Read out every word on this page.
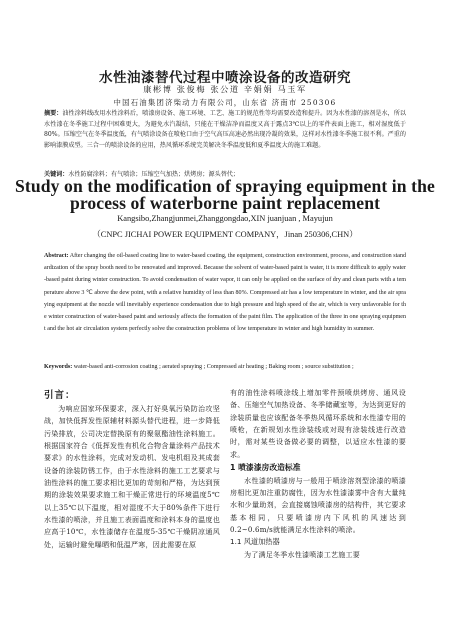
水性油漆替代过程中喷涂设备的改造研究
康彬博 张俊梅 张公道 辛娟娟 马玉军
中国石油集团济柴动力有限公司，山东省 济南市 250306
摘要：油性涂料线改用水性涂料后，喷漆房设备、施工环境、工艺、施工的规范性等均需要改造和提升。因为水性漆的溶剂是水，所以水性漆在冬季施工过程中困难更大，为避免水汽凝结，只能在干燥洁净而温度又高于露点3℃以上的零件表面上施工，相对湿度低于80%。压缩空气在冬季温度低，有气喷涂设备在喷枪口由于空气高压高速必然出现冷凝的效果，这样对水性漆冬季施工很不利。严重的影响漆膜成型。三合一的喷涂设备的应用，热风循环系统完美解决冬季温度低和夏季温度大的施工难题。
关键词：水性防腐涂料；有气喷涂；压缩空气加热；烘烤房；源头替代；
Study on the modification of spraying equipment in the process of waterborne paint replacement
Kangsibo,Zhangjunmei,Zhanggongdao,XIN juanjuan , Mayujun
（CNPC JICHAI POWER EQUIPMENT COMPANY，Jinan 250306,CHN）
Abstract: After changing the oil-based coating line to water-based coating, the equipment, construction environment, process, and construction standardization of the spray booth need to be renovated and improved. Because the solvent of water-based paint is water, it is more difficult to apply water-based paint during winter construction. To avoid condensation of water vapor, it can only be applied on the surface of dry and clean parts with a temperature above 3 ℃ above the dew point, with a relative humidity of less than 80%. Compressed air has a low temperature in winter, and the air spraying equipment at the nozzle will inevitably experience condensation due to high pressure and high speed of the air, which is very unfavorable for the winter construction of water-based paint and seriously affects the formation of the paint film. The application of the three in one spraying equipment and the hot air circulation system perfectly solve the construction problems of low temperature in winter and high humidity in summer.
Keywords: water-based anti-corrosion coating ; aerated spraying ; Compressed air heating ; Baking room ; source substitution ;
引言：
为响应国家环保要求，深入打好臭氧污染防治攻坚战，加快低挥发性原辅材料源头替代进程，进一步降低污染排放，公司决定替换原有的聚氨酯油性涂料施工。根据国家符合《低挥发性有机化合物含量涂料产品技术要求》的水性涂料，完成对发动机、发电机组及其成套设备的涂装防锈工作，由于水性涂料的施工工艺要求与油性涂料的施工要求相比更加的苛刻和严格，为达到预期的涂装效果要求施工和干燥正常进行的环境温度5℃以上35℃以下温度，相对湿度不大于80%条件下进行水性漆的喷涂，并且施工表面温度和涂料本身的温度也应高于10℃，水性漆储存在温度5-35℃干燥阴凉通风处，运输时避免曝晒和低温严寒，因此需要在原
有的油性涂料喷涂线上增加零件预喷烘烤房、通风设备、压缩空气加热设备、冬季储藏室等，为达到更好的涂装质量也应该配备冬季热风循环系统和水性漆专用的喷枪，在新规划水性涂装线或对现有涂装线进行改造时，需对某些设备做必要的调整，以适应水性漆的要求。
1 喷漆漆房改造标准
水性漆的喷漆房与一般用于喷涂溶剂型涂漆的喷漆房相比更加注重防腐性，因为水性漆漆雾中含有大量纯水和少量助剂，会直接腐蚀喷漆房的结构件，其它要求基本相同，只要喷漆房内下风机的风速达到0.2~0.6m/s就能满足水性涂料的喷涂。
1.1 风道加热器
为了满足冬季水性漆喷漆工艺施工要
